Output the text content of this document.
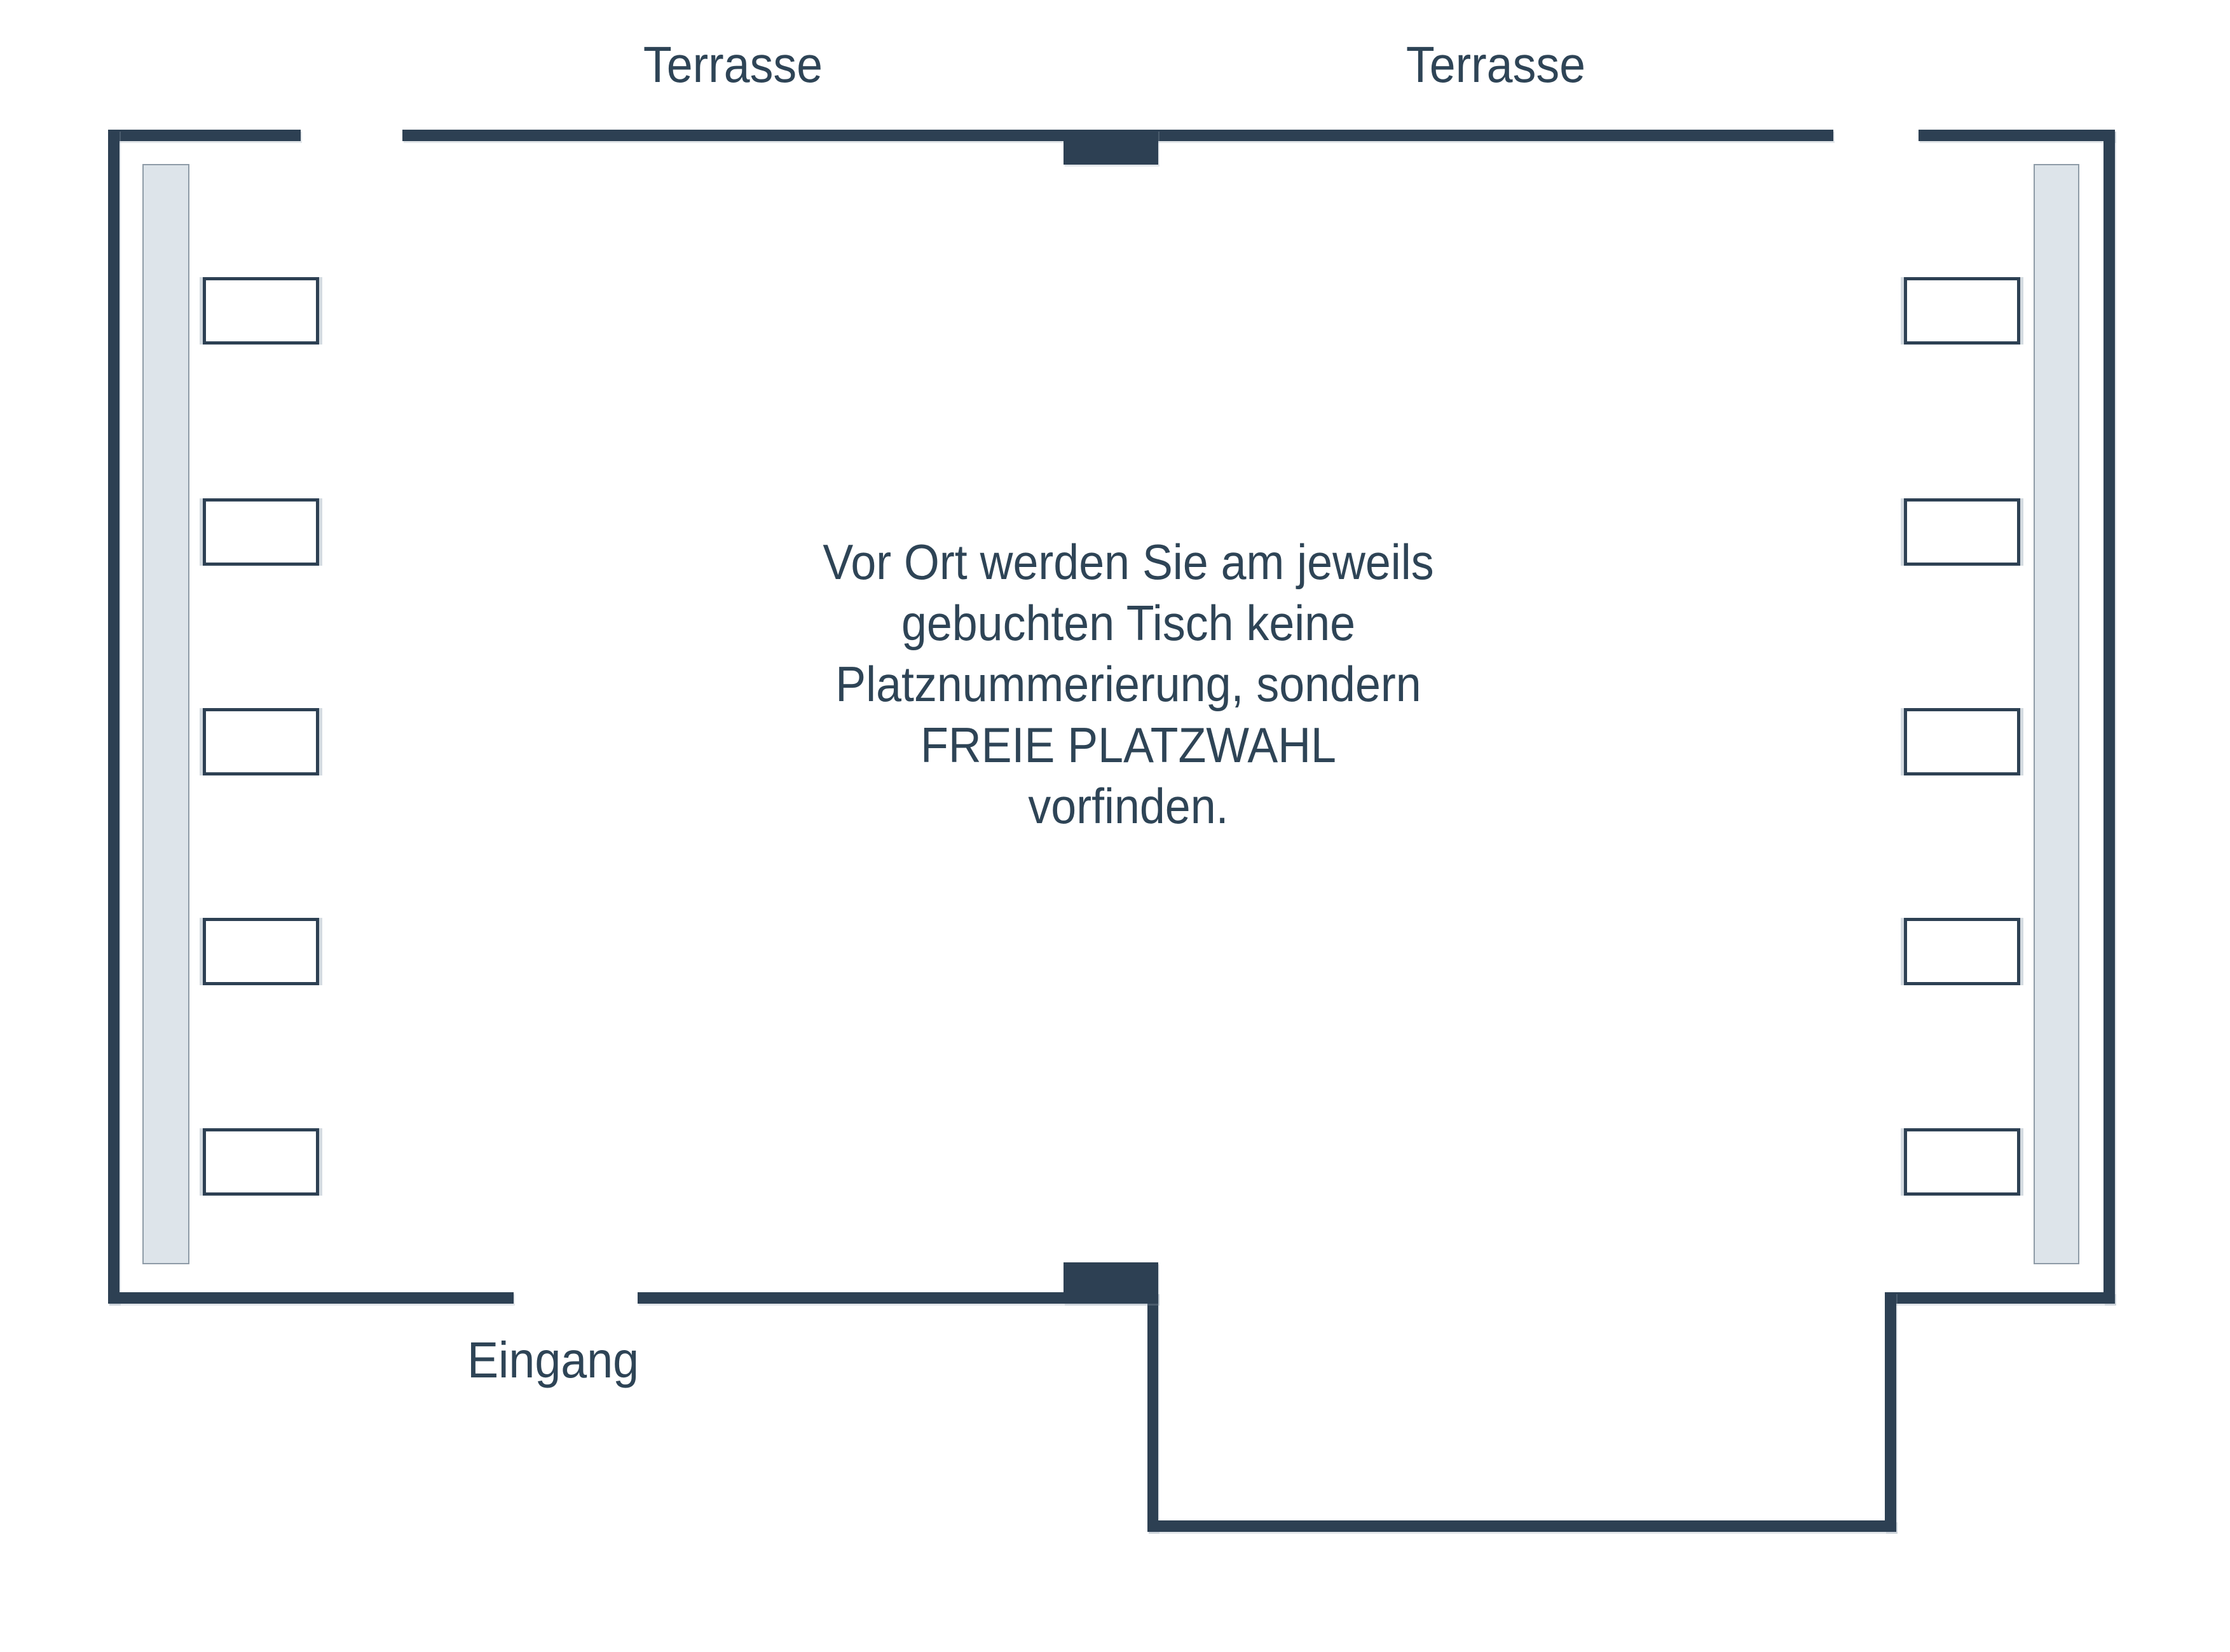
Terrasse	Terrasse
Eingang
Vor Ort werden Sie am jeweils
gebuchten Tisch keine
Platznummerierung, sondern
FREIE PLATZWAHL
vorfinden.
